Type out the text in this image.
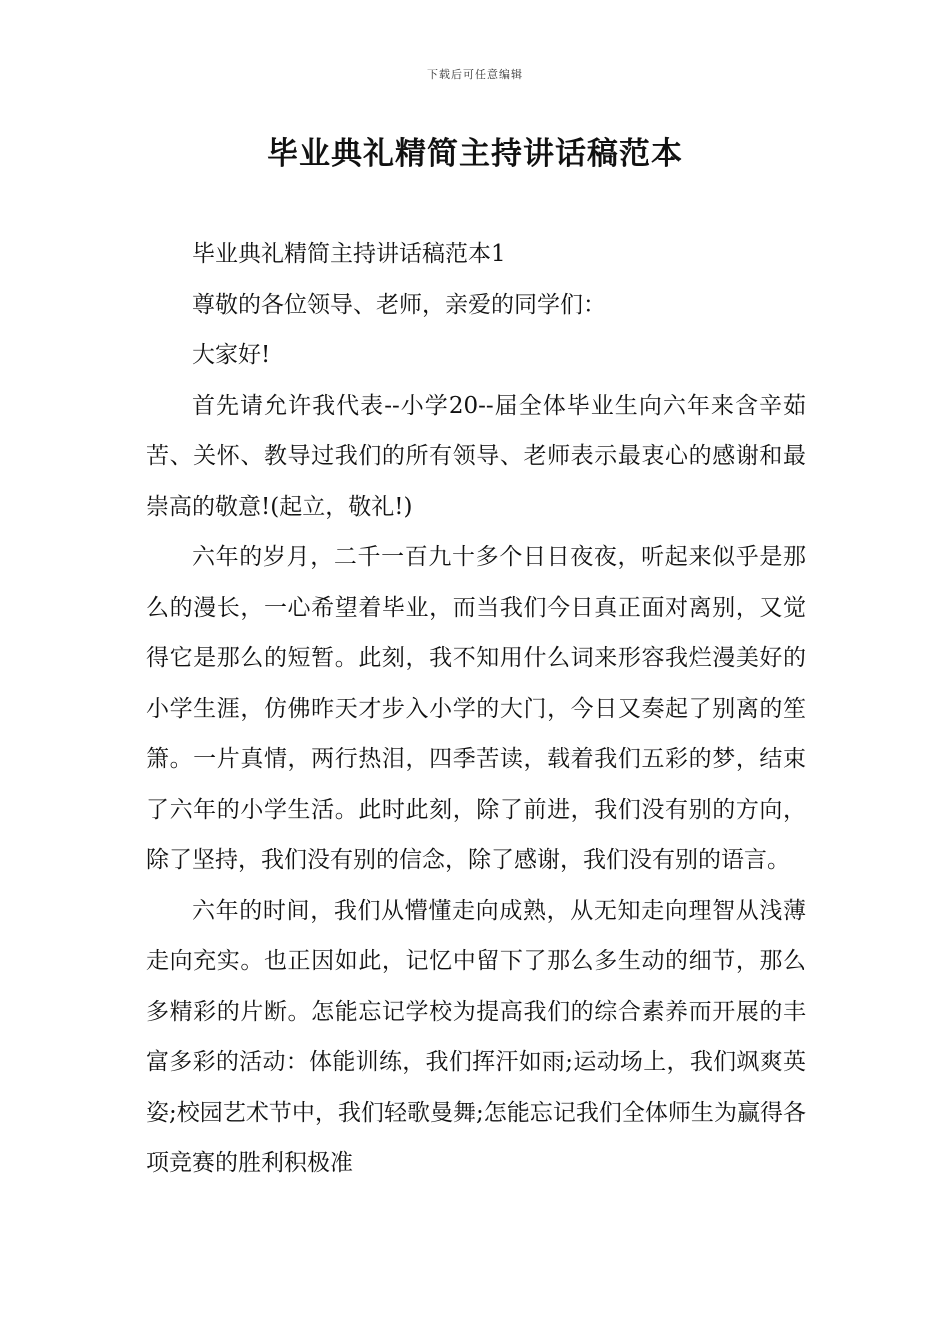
下载后可任意编辑
毕业典礼精简主持讲话稿范本

毕业典礼精简主持讲话稿范本1

尊敬的各位领导、老师，亲爱的同学们：

大家好!

首先请允许我代表--小学20--届全体毕业生向六年来含辛茹苦、关怀、教导过我们的所有领导、老师表示最衷心的感谢和最崇高的敬意!(起立，敬礼!)

六年的岁月，二千一百九十多个日日夜夜，听起来似乎是那么的漫长，一心希望着毕业，而当我们今日真正面对离别，又觉得它是那么的短暂。此刻，我不知用什么词来形容我烂漫美好的小学生涯，仿佛昨天才步入小学的大门，今日又奏起了别离的笙箫。一片真情，两行热泪，四季苦读，载着我们五彩的梦，结束了六年的小学生活。此时此刻，除了前进，我们没有别的方向，除了坚持，我们没有别的信念，除了感谢，我们没有别的语言。

六年的时间，我们从懵懂走向成熟，从无知走向理智从浅薄走向充实。也正因如此，记忆中留下了那么多生动的细节，那么多精彩的片断。怎能忘记学校为提高我们的综合素养而开展的丰富多彩的活动：体能训练，我们挥汗如雨;运动场上，我们飒爽英姿;校园艺术节中，我们轻歌曼舞;怎能忘记我们全体师生为赢得各项竞赛的胜利积极准
